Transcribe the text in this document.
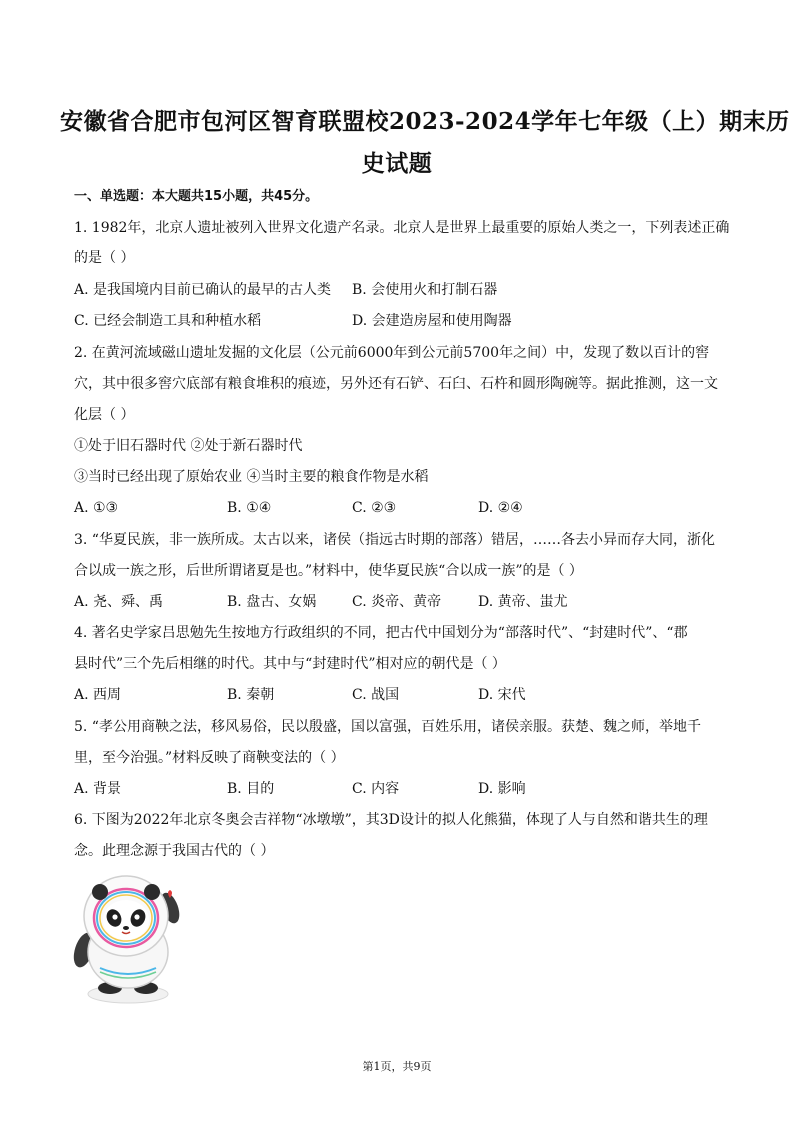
安徽省合肥市包河区智育联盟校2023-2024学年七年级（上）期末历
史试题
一、单选题：本大题共15小题，共45分。
1. 1982年，北京人遗址被列入世界文化遗产名录。北京人是世界上最重要的原始人类之一，下列表述正确
的是（ ）
A. 是我国境内目前已确认的最早的古人类 B. 会使用火和打制石器
C. 已经会制造工具和种植水稻	D. 会建造房屋和使用陶器
2. 在黄河流域磁山遗址发掘的文化层（公元前6000年到公元前5700年之间）中，发现了数以百计的窖
穴，其中很多窖穴底部有粮食堆积的痕迹，另外还有石铲、石臼、石杵和圆形陶碗等。据此推测，这一文
化层（ ）
①处于旧石器时代 ②处于新石器时代
③当时已经出现了原始农业 ④当时主要的粮食作物是水稻
A. ①③	B. ①④	C. ②③	D. ②④
3. “华夏民族，非一族所成。太古以来，诸侯（指远古时期的部落）错居，……各去小异而存大同，浙化
合以成一族之形，后世所谓诸夏是也。”材料中，使华夏民族“合以成一族”的是（ ）
A. 尧、舜、禹	B. 盘古、女娲	C. 炎帝、黄帝	D. 黄帝、蚩尤
4. 著名史学家吕思勉先生按地方行政组织的不同，把古代中国划分为“部落时代”、“封建时代”、“郡
县时代”三个先后相继的时代。其中与“封建时代”相对应的朝代是（ ）
A. 西周	B. 秦朝	C. 战国	D. 宋代
5. “孝公用商鞅之法，移风易俗，民以殷盛，国以富强，百姓乐用，诸侯亲服。获楚、魏之师，举地千
里，至今治强。”材料反映了商鞅变法的（ ）
A. 背景	B. 目的	C. 内容	D. 影响
6. 下图为2022年北京冬奥会吉祥物“冰墩墩”，其3D设计的拟人化熊猫，体现了人与自然和谐共生的理
念。此理念源于我国古代的（ ）
第1页，共9页
